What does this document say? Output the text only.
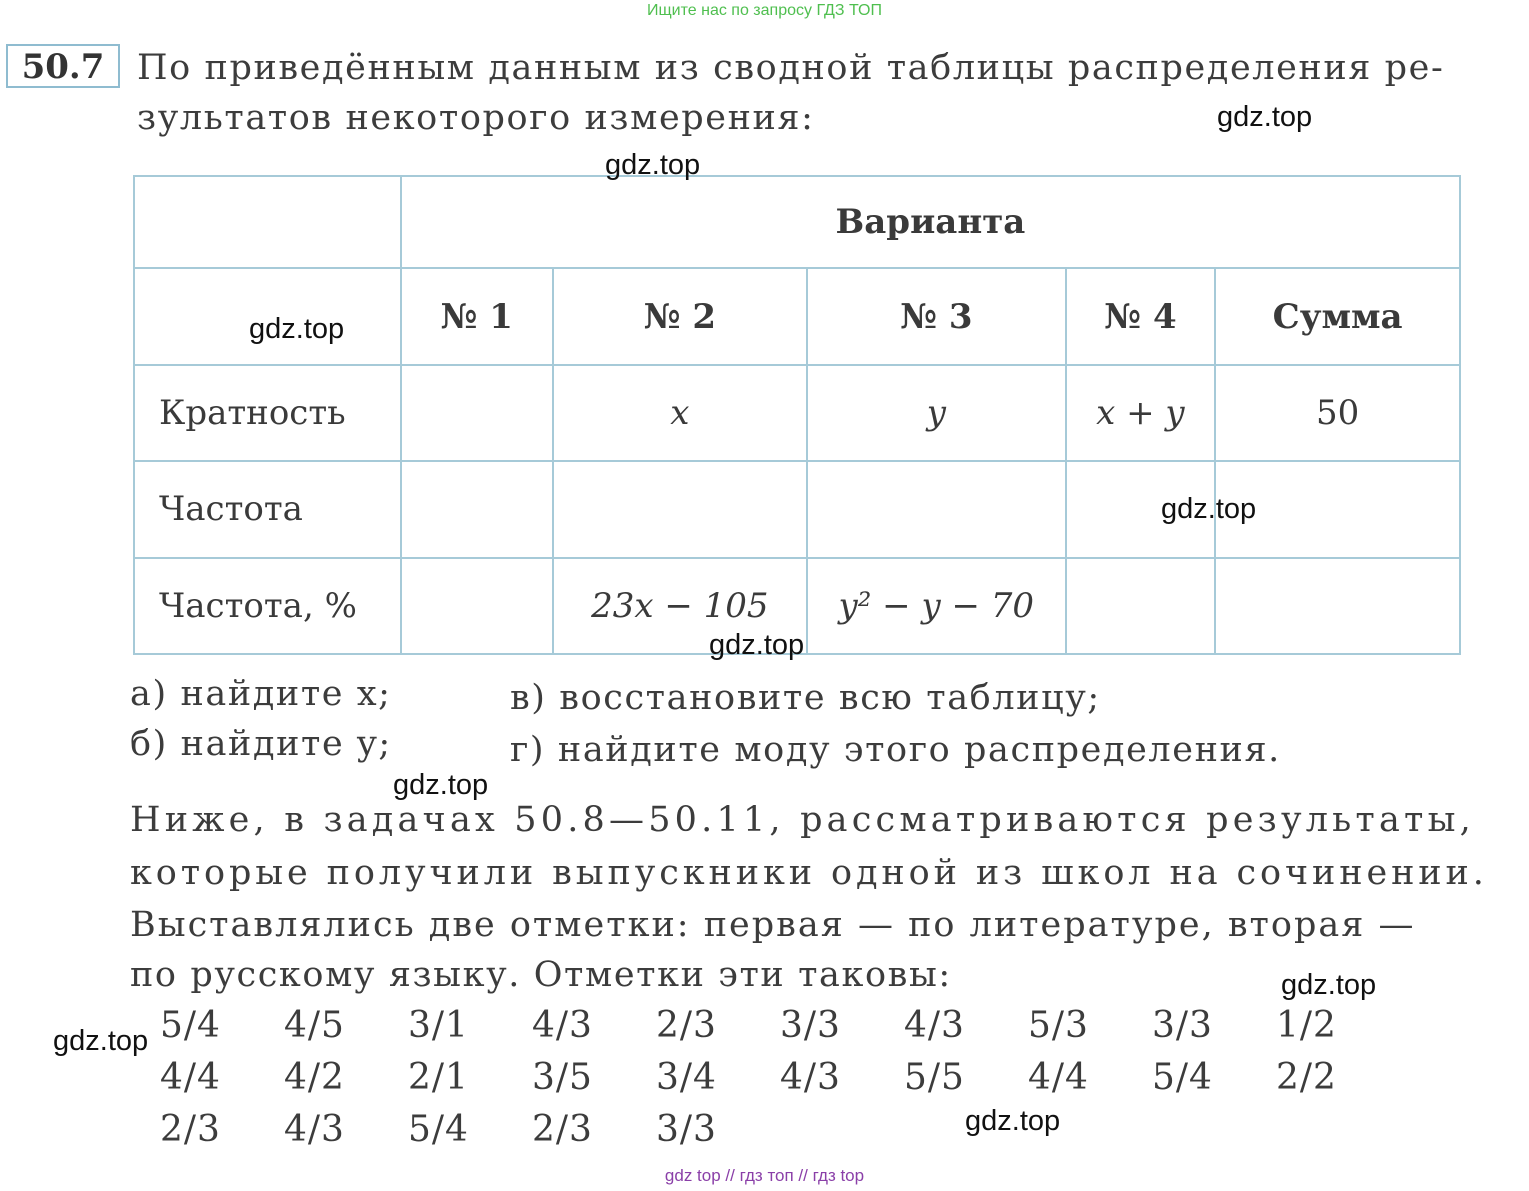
Ищите нас по запросу ГДЗ ТОП
50.7 По приведённым данным из сводной таблицы распределения ре-
зультатов некоторого измерения:
	Варианта				
	№ 1	№ 2	№ 3	№ 4	Сумма
Кратность		x	y	x + y	50
Частота					
Частота, %		23x − 105	y² − y − 70		
а) найдите x;
б) найдите y;
в) восстановите всю таблицу;
г) найдите моду этого распределения.
Ниже, в задачах 50.8—50.11, рассматриваются результаты,
которые получили выпускники одной из школ на сочинении.
Выставлялись две отметки: первая — по литературе, вторая —
по русскому языку. Отметки эти таковы:
5/4	4/5	3/1	4/3	2/3	3/3	4/3	5/3	3/3	1/2
4/4	4/2	2/1	3/5	3/4	4/3	5/5	4/4	5/4	2/2
2/3	4/3	5/4	2/3	3/3
gdz.top
gdz.top
gdz.top
gdz.top
gdz.top
gdz.top
gdz.top
gdz.top
gdz.top
gdz top // гдз топ // гдз top
